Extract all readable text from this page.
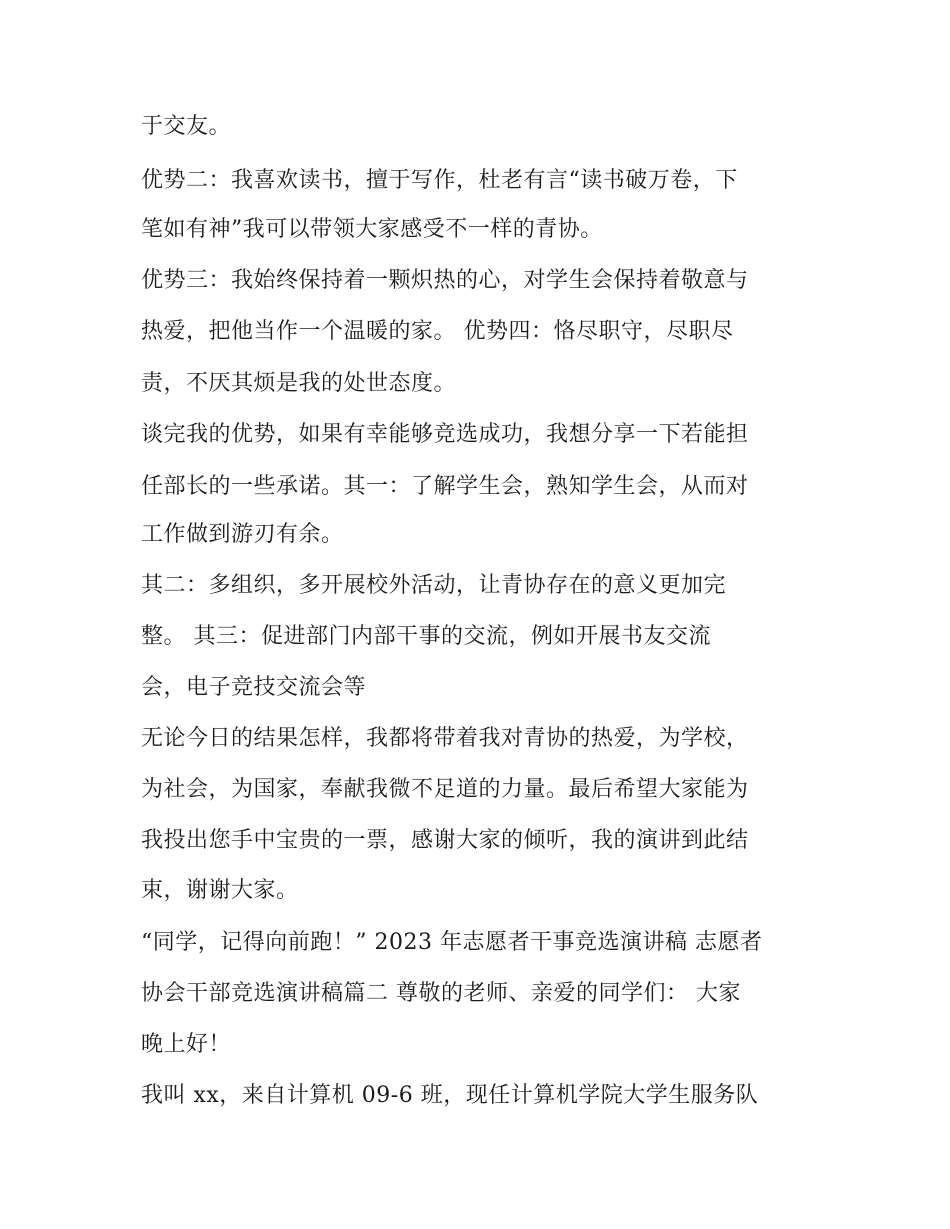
于交友。
优势二：我喜欢读书，擅于写作，杜老有言“读书破万卷，下
笔如有神”我可以带领大家感受不一样的青协。
优势三：我始终保持着一颗炽热的心，对学生会保持着敬意与
热爱，把他当作一个温暖的家。 优势四：恪尽职守，尽职尽
责，不厌其烦是我的处世态度。
谈完我的优势，如果有幸能够竞选成功，我想分享一下若能担
任部长的一些承诺。其一：了解学生会，熟知学生会，从而对
工作做到游刃有余。
其二：多组织，多开展校外活动，让青协存在的意义更加完
整。 其三：促进部门内部干事的交流，例如开展书友交流
会，电子竞技交流会等
无论今日的结果怎样，我都将带着我对青协的热爱，为学校，
为社会，为国家，奉献我微不足道的力量。最后希望大家能为
我投出您手中宝贵的一票，感谢大家的倾听，我的演讲到此结
束，谢谢大家。
“同学，记得向前跑！” 2023 年志愿者干事竞选演讲稿 志愿者
协会干部竞选演讲稿篇二 尊敬的老师、亲爱的同学们： 大家
晚上好！
我叫 xx，来自计算机 09-6 班，现任计算机学院大学生服务队
